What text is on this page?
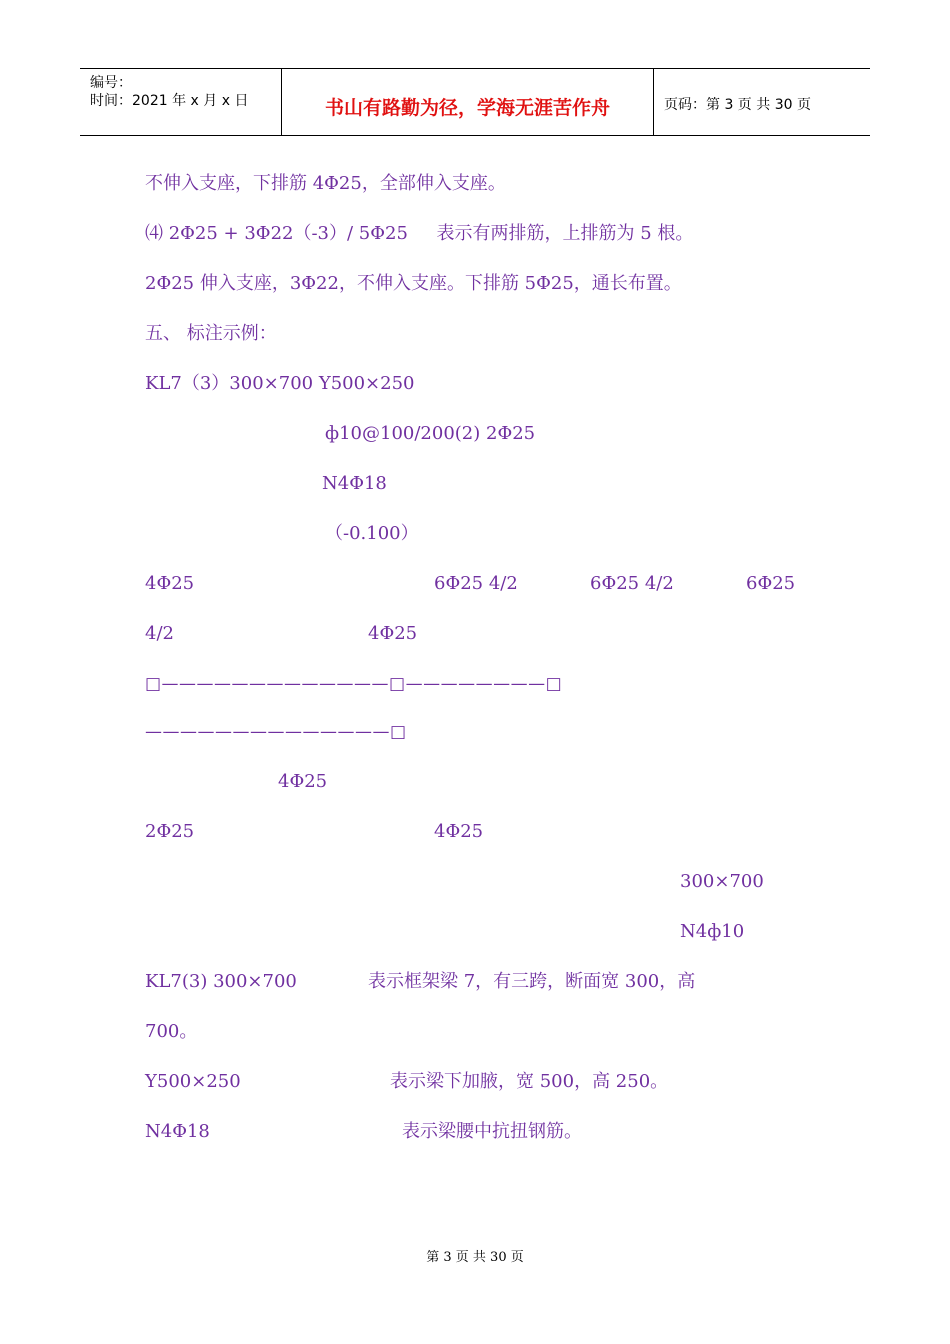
编号：
时间：2021 年 x 月 x 日	书山有路勤为径，学海无涯苦作舟	页码：第 3 页 共 30 页
不伸入支座，下排筋 4Φ25，全部伸入支座。
⑷ 2Φ25 + 3Φ22（-3）/ 5Φ25     表示有两排筋，上排筋为 5 根。
2Φ25 伸入支座，3Φ22，不伸入支座。下排筋 5Φ25，通长布置。
五、 标注示例：
KL7（3）300×700 Y500×250
ф10@100/200(2) 2Φ25
N4Φ18
（-0.100）
4Φ25	6Φ25 4/2	6Φ25 4/2	6Φ25
4/2	4Φ25
□—————————————□————————□
——————————————□
4Φ25
2Φ25	4Φ25
300×700
N4ф10
KL7(3) 300×700	表示框架梁 7，有三跨，断面宽 300，高
700。
Y500×250	表示梁下加腋，宽 500，高 250。
N4Φ18	表示梁腰中抗扭钢筋。
第 3 页 共 30 页
